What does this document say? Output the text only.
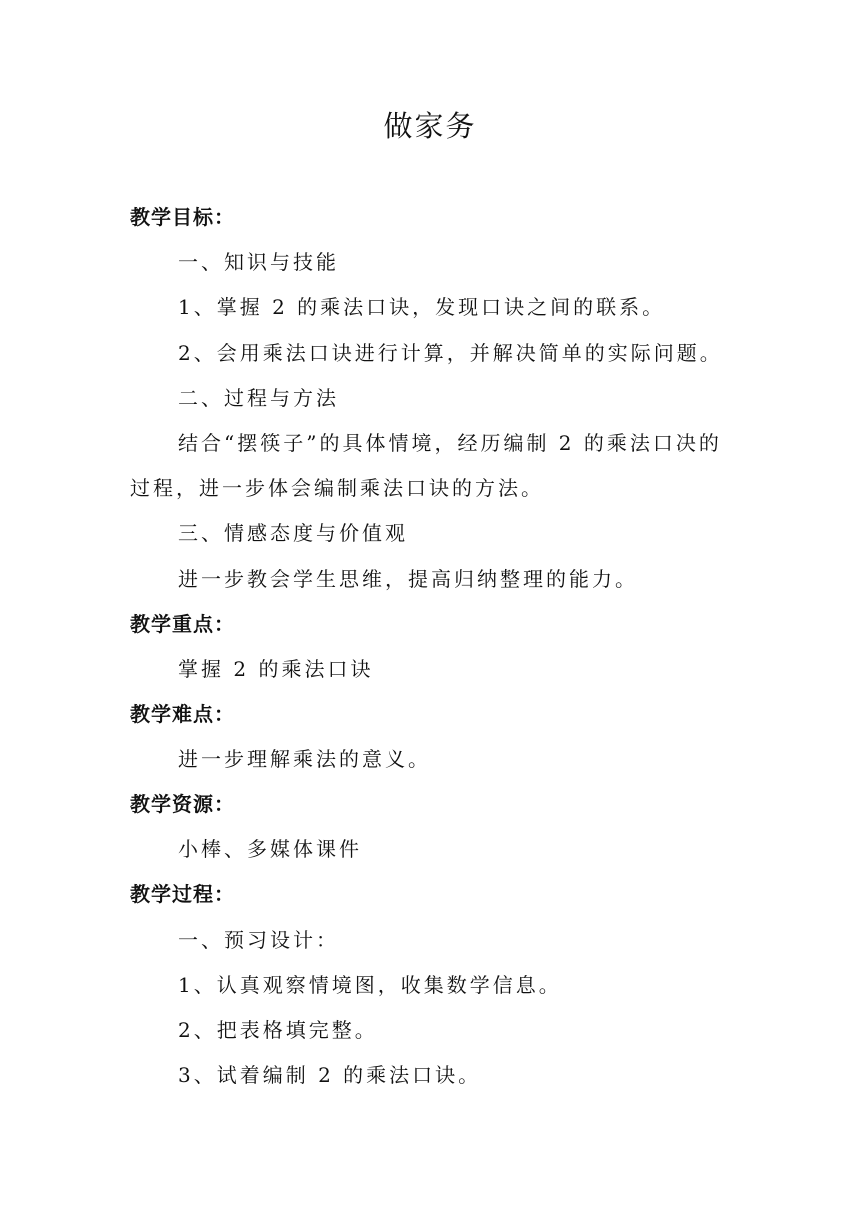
做家务

教学目标：

一、知识与技能

1、掌握 2 的乘法口诀，发现口诀之间的联系。

2、会用乘法口诀进行计算，并解决简单的实际问题。

二、过程与方法

结合“摆筷子”的具体情境，经历编制 2 的乘法口决的

过程，进一步体会编制乘法口诀的方法。

三、情感态度与价值观

进一步教会学生思维，提高归纳整理的能力。

教学重点：

掌握 2 的乘法口诀

教学难点：

进一步理解乘法的意义。

教学资源：

小棒、多媒体课件

教学过程：

一、预习设计：

1、认真观察情境图，收集数学信息。

2、把表格填完整。

3、试着编制 2 的乘法口诀。
